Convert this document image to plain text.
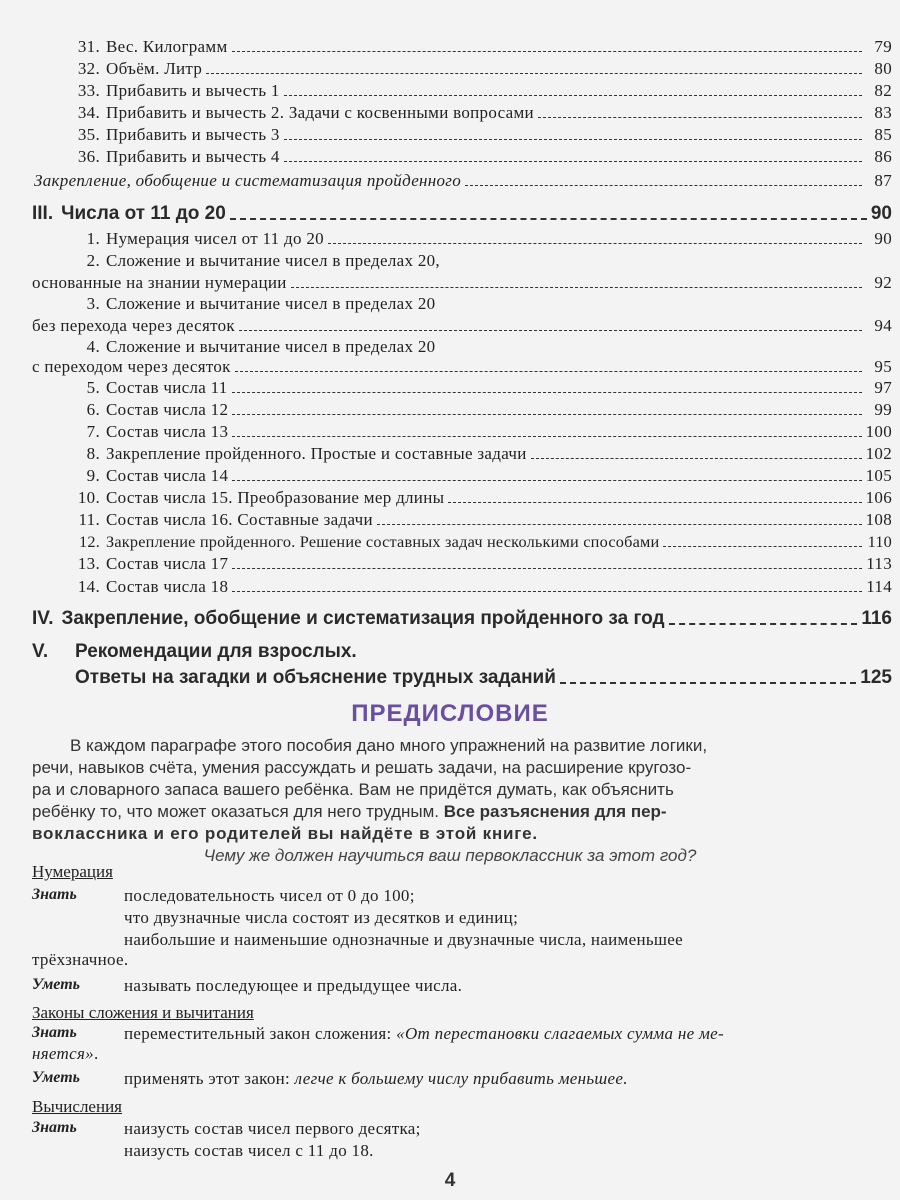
31. Вес. Килограмм	79
32. Объём. Литр	80
33. Прибавить и вычесть 1	82
34. Прибавить и вычесть 2. Задачи с косвенными вопросами	83
35. Прибавить и вычесть 3	85
36. Прибавить и вычесть 4	86
Закрепление, обобщение и систематизация пройденного	87
III. Числа от 11 до 20	90
1. Нумерация чисел от 11 до 20	90
2. Сложение и вычитание чисел в пределах 20,
основанные на знании нумерации	92
3. Сложение и вычитание чисел в пределах 20
без перехода через десяток	94
4. Сложение и вычитание чисел в пределах 20
с переходом через десяток	95
5. Состав числа 11	97
6. Состав числа 12	99
7. Состав числа 13	100
8. Закрепление пройденного. Простые и составные задачи	102
9. Состав числа 14	105
10. Состав числа 15. Преобразование мер длины	106
11. Состав числа 16. Составные задачи	108
12. Закрепление пройденного. Решение составных задач несколькими способами	110
13. Состав числа 17	113
14. Состав числа 18	114
IV. Закрепление, обобщение и систематизация пройденного за год	116
V.	Рекомендации для взрослых.
Ответы на загадки и объяснение трудных заданий	125
ПРЕДИСЛОВИЕ
В каждом параграфе этого пособия дано много упражнений на развитие логики,
речи, навыков счёта, умения рассуждать и решать задачи, на расширение кругозо-
ра и словарного запаса вашего ребёнка. Вам не придётся думать, как объяснить
ребёнку то, что может оказаться для него трудным. Все разъяснения для пер-
воклассника и его родителей вы найдёте в этой книге.
Чему же должен научиться ваш первоклассник за этот год?
Нумерация
Знать	последовательность чисел от 0 до 100;
что двузначные числа состоят из десятков и единиц;
наибольшие и наименьшие однозначные и двузначные числа, наименьшее
трёхзначное.
Уметь	называть последующее и предыдущее числа.
Законы сложения и вычитания
Знать	переместительный закон сложения: «От перестановки слагаемых сумма не ме-
няется».
Уметь	применять этот закон: легче к большему числу прибавить меньшее.
Вычисления
Знать	наизусть состав чисел первого десятка;
наизусть состав чисел с 11 до 18.
4
